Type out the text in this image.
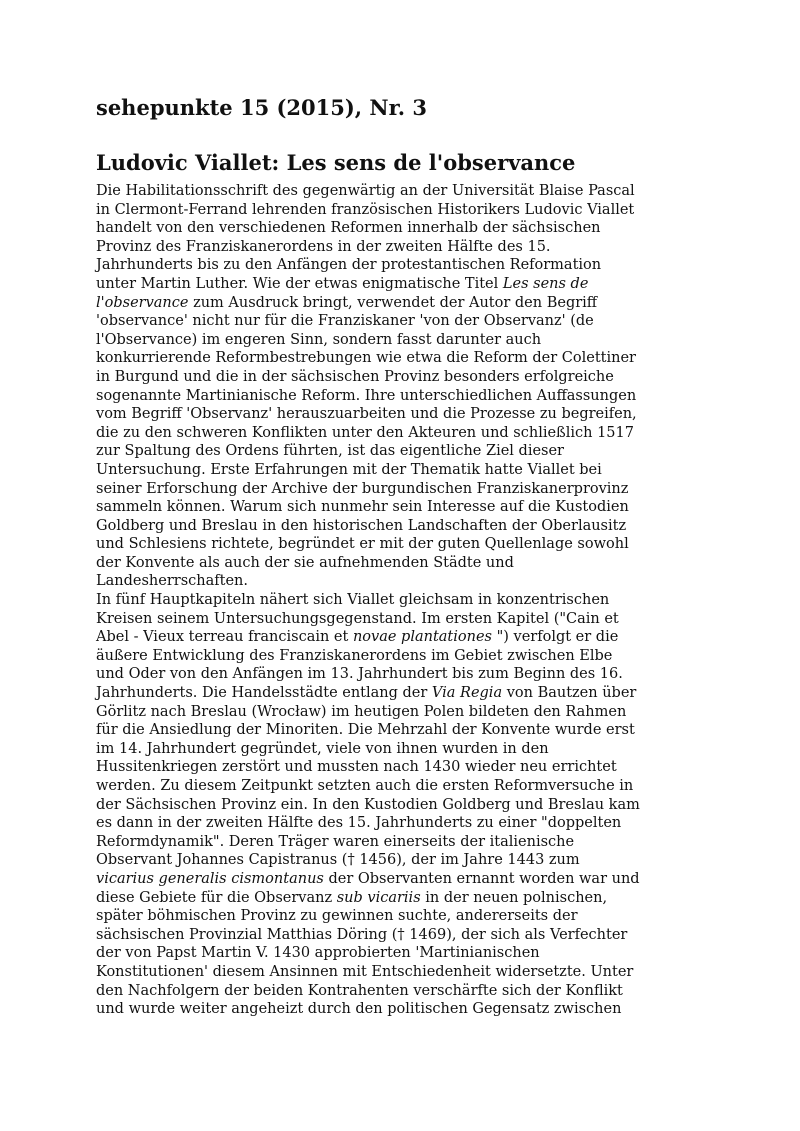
sehepunkte 15 (2015), Nr. 3
Ludovic Viallet: Les sens de l'observance
Die Habilitationsschrift des gegenwärtig an der Universität Blaise Pascal
in Clermont-Ferrand lehrenden französischen Historikers Ludovic Viallet
handelt von den verschiedenen Reformen innerhalb der sächsischen
Provinz des Franziskanerordens in der zweiten Hälfte des 15.
Jahrhunderts bis zu den Anfängen der protestantischen Reformation
unter Martin Luther. Wie der etwas enigmatische Titel Les sens de
l'observance zum Ausdruck bringt, verwendet der Autor den Begriff
'observance' nicht nur für die Franziskaner 'von der Observanz' (de
l'Observance) im engeren Sinn, sondern fasst darunter auch
konkurrierende Reformbestrebungen wie etwa die Reform der Colettiner
in Burgund und die in der sächsischen Provinz besonders erfolgreiche
sogenannte Martinianische Reform. Ihre unterschiedlichen Auffassungen
vom Begriff 'Observanz' herauszuarbeiten und die Prozesse zu begreifen,
die zu den schweren Konflikten unter den Akteuren und schließlich 1517
zur Spaltung des Ordens führten, ist das eigentliche Ziel dieser
Untersuchung. Erste Erfahrungen mit der Thematik hatte Viallet bei
seiner Erforschung der Archive der burgundischen Franziskanerprovinz
sammeln können. Warum sich nunmehr sein Interesse auf die Kustodien
Goldberg und Breslau in den historischen Landschaften der Oberlausitz
und Schlesiens richtete, begründet er mit der guten Quellenlage sowohl
der Konvente als auch der sie aufnehmenden Städte und
Landesherrschaften.
In fünf Hauptkapiteln nähert sich Viallet gleichsam in konzentrischen
Kreisen seinem Untersuchungsgegenstand. Im ersten Kapitel ("Cain et
Abel - Vieux terreau franciscain et novae plantationes ") verfolgt er die
äußere Entwicklung des Franziskanerordens im Gebiet zwischen Elbe
und Oder von den Anfängen im 13. Jahrhundert bis zum Beginn des 16.
Jahrhunderts. Die Handelsstädte entlang der Via Regia von Bautzen über
Görlitz nach Breslau (Wrocław) im heutigen Polen bildeten den Rahmen
für die Ansiedlung der Minoriten. Die Mehrzahl der Konvente wurde erst
im 14. Jahrhundert gegründet, viele von ihnen wurden in den
Hussitenkriegen zerstört und mussten nach 1430 wieder neu errichtet
werden. Zu diesem Zeitpunkt setzten auch die ersten Reformversuche in
der Sächsischen Provinz ein. In den Kustodien Goldberg und Breslau kam
es dann in der zweiten Hälfte des 15. Jahrhunderts zu einer "doppelten
Reformdynamik". Deren Träger waren einerseits der italienische
Observant Johannes Capistranus († 1456), der im Jahre 1443 zum
vicarius generalis cismontanus der Observanten ernannt worden war und
diese Gebiete für die Observanz sub vicariis in der neuen polnischen,
später böhmischen Provinz zu gewinnen suchte, andererseits der
sächsischen Provinzial Matthias Döring († 1469), der sich als Verfechter
der von Papst Martin V. 1430 approbierten 'Martinianischen
Konstitutionen' diesem Ansinnen mit Entschiedenheit widersetzte. Unter
den Nachfolgern der beiden Kontrahenten verschärfte sich der Konflikt
und wurde weiter angeheizt durch den politischen Gegensatz zwischen
